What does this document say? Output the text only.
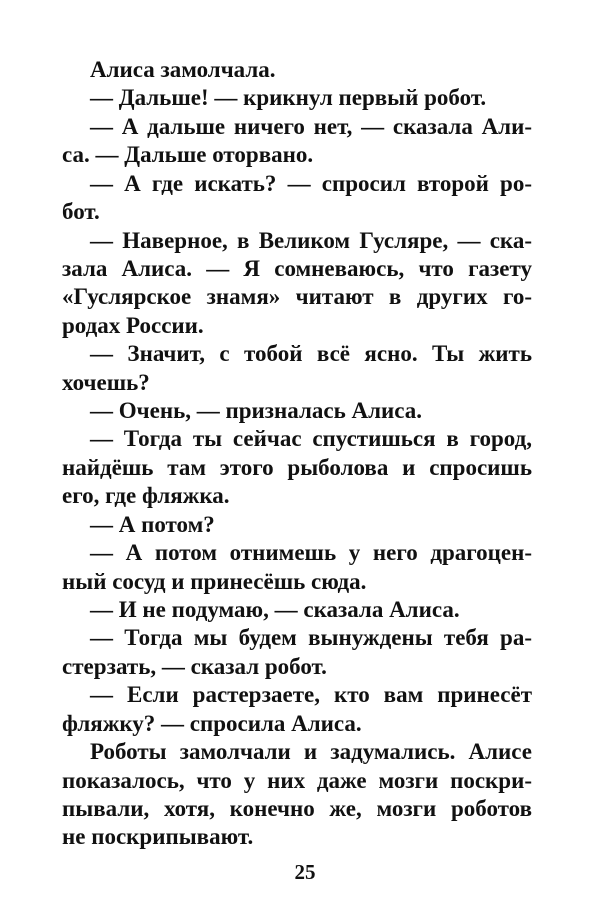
Алиса замолчала.
— Дальше! — крикнул первый робот.
— А дальше ничего нет, — сказала Али-
са. — Дальше оторвано.
— А где искать? — спросил второй ро-
бот.
— Наверное, в Великом Гусляре, — ска-
зала Алиса. — Я сомневаюсь, что газету
«Гуслярское знамя» читают в других го-
родах России.
— Значит, с тобой всё ясно. Ты жить
хочешь?
— Очень, — призналась Алиса.
— Тогда ты сейчас спустишься в город,
найдёшь там этого рыболова и спросишь
его, где фляжка.
— А потом?
— А потом отнимешь у него драгоцен-
ный сосуд и принесёшь сюда.
— И не подумаю, — сказала Алиса.
— Тогда мы будем вынуждены тебя ра-
стерзать, — сказал робот.
— Если растерзаете, кто вам принесёт
фляжку? — спросила Алиса.
Роботы замолчали и задумались. Алисе
показалось, что у них даже мозги поскри-
пывали, хотя, конечно же, мозги роботов
не поскрипывают.
25
